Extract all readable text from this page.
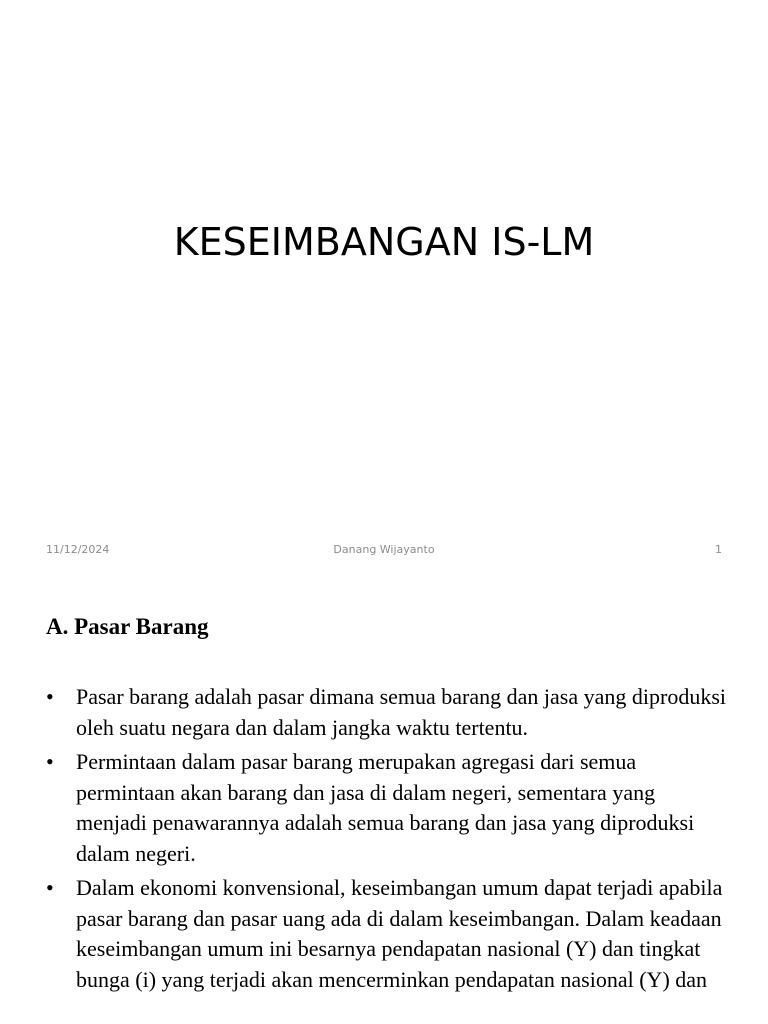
KESEIMBANGAN IS-LM
11/12/2024	Danang Wijayanto	1
A. Pasar Barang
• Pasar barang adalah pasar dimana semua barang dan jasa yang diproduksi oleh suatu negara dan dalam jangka waktu tertentu.
• Permintaan dalam pasar barang merupakan agregasi dari semua permintaan akan barang dan jasa di dalam negeri, sementara yang menjadi penawarannya adalah semua barang dan jasa yang diproduksi dalam negeri.
• Dalam ekonomi konvensional, keseimbangan umum dapat terjadi apabila pasar barang dan pasar uang ada di dalam keseimbangan. Dalam keadaan keseimbangan umum ini besarnya pendapatan nasional (Y) dan tingkat bunga (i) yang terjadi akan mencerminkan pendapatan nasional (Y) dan
